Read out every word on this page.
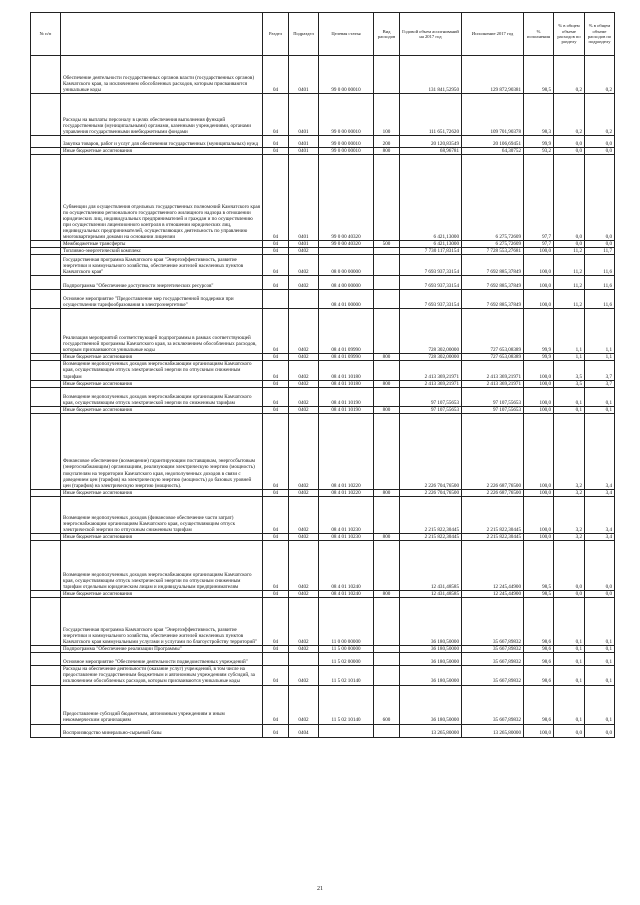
№ п/п		Раздел	Подраздел	Целевая статья	Вид расходов	Годовой объем ассигнований на 2017 год	Исполнение 2017 год	% исполнения	% в общем объеме расходов по разделу	% в общем объеме расходов по подразделу
	Обеспечение деятельности государственных органов власти (государственных органов) Камчатского края, за исключением обособленных расходов, которым присваиваются уникальные коды	04	0401	99 0 00 00010		131 841,52950	129 872,90381	98,5	0,2	0,2
	Расходы на выплаты персоналу в целях обеспечения выполнения функций государственными (муниципальными) органами, казенными учреждениями, органами управления государственными внебюджетными фондами	04	0401	99 0 00 00010	100	111 651,72620	109 701,90378	98,3	0,2	0,2
	Закупка товаров, работ и услуг для обеспечения государственных (муниципальных) нужд	04	0401	99 0 00 00010	200	20 120,83549	20 106,69451	99,9	0,0	0,0
	Иные бюджетные ассигнования	04	0401	99 0 00 00010	800	68,96781	64,30752	93,2	0,0	0,0
	Субвенции для осуществления отдельных государственных полномочий Камчатского края по осуществлению регионального государственного жилищного надзора в отношении юридических лиц, индивидуальных предпринимателей и граждан и по осуществлению при осуществлении лицензионного контроля в отношении юридических лиц, индивидуальных предпринимателей, осуществляющих деятельность по управлению многоквартирными домами на основании лицензии	04	0401	99 0 00 40320		6 421,13000	6 275,72609	97,7	0,0	0,0
	Межбюджетные трансферты	04	0401	99 0 00 40320	500	6 421,13000	6 275,72609	97,7	0,0	0,0
	Топливно-энергетический комплекс	04	0402			7 730 117,83154	7 728 553,27681	100,0	11,2	11,7
	Государственная программа Камчатского края "Энергоэффективность, развитие энергетики и коммунального хозяйства, обеспечение жителей населенных пунктов Камчатского края"	04	0402	08 0 00 00000		7 693 937,33154	7 692 885,37849	100,0	11,2	11,6
	Подпрограмма "Обеспечение доступности энергетических ресурсов"	04	0402	08 4 00 00000		7 693 937,33154	7 692 885,37849	100,0	11,2	11,6
	Основное мероприятие "Предоставление мер государственной поддержки при осуществлении тарифообразования в электроэнергетике"			08 4 01 00000		7 693 937,33154	7 692 885,37849	100,0	11,2	11,6
	Реализация мероприятий соответствующей подпрограммы в рамках соответствующей государственной программы Камчатского края, за исключением обособленных расходов, которым присваиваются уникальные коды	04	0402	08 4 01 09990		728 302,00000	727 653,08389	99,9	1,1	1,1
	Иные бюджетные ассигнования	04	0402	08 4 01 09990	800	728 302,00000	727 653,08389	99,9	1,1	1,1
	Возмещение недополученных доходов энергоснабжающим организациям Камчатского края, осуществляющим отпуск электрической энергии по отпускным сниженным тарифам	04	0402	08 4 01 10180		2 413 369,21971	2 413 369,21971	100,0	3,5	3,7
	Иные бюджетные ассигнования	04	0402	08 4 01 10180	800	2 413 369,21971	2 413 369,21971	100,0	3,5	3,7
	Возмещение недополученных доходов энергоснабжающим организациям Камчатского края, осуществляющим отпуск электрической энергии по сниженным тарифам	04	0402	08 4 01 10190		97 107,55653	97 107,55653	100,0	0,1	0,1
	Иные бюджетные ассигнования	04	0402	08 4 01 10190	800	97 107,55653	97 107,55653	100,0	0,1	0,1
	Финансовое обеспечение (возмещение) гарантирующим поставщикам, энергосбытовым (энергоснабжающим) организациям, реализующим электрическую энергию (мощность) покупателям на территории Камчатского края, недополученных доходов в связи с доведением цен (тарифов) на электрическую энергию (мощность) до базовых уровней цен (тарифов) на электрическую энергию (мощность).	04	0402	08 4 01 10220		2 226 704,76500	2 226 687,76500	100,0	3,2	3,4
	Иные бюджетные ассигнования	04	0402	08 4 01 10220	800	2 226 704,76500	2 226 687,76500	100,0	3,2	3,4
	Возмещение недополученных доходов (финансовое обеспечение части затрат) энергоснабжающим организациям Камчатского края, осуществляющим отпуск электрической энергии по отпускным сниженным тарифам	04	0402	08 4 01 10230		2 215 822,30445	2 215 822,30445	100,0	3,2	3,4
	Иные бюджетные ассигнования	04	0402	08 4 01 10230	800	2 215 822,30445	2 215 822,30445	100,0	3,2	3,4
	Возмещение недополученных доходов энергоснабжающим организациям Камчатского края, осуществляющим отпуск электрической энергии по отпускным сниженным тарифам отдельным юридическим лицам и индивидуальным предпринимателям	04	0402	08 4 01 10240		12 431,48585	12 245,44900	98,5	0,0	0,0
	Иные бюджетные ассигнования	04	0402	08 4 01 10240	800	12 431,48585	12 245,44900	98,5	0,0	0,0
	Государственная программа Камчатского края "Энергоэффективность, развитие энергетики и коммунального хозяйства, обеспечение жителей населенных пунктов Камчатского края коммунальными услугами и услугами по благоустройству территорий"	04	0402	11 0 00 00000		36 180,50000	35 667,89832	98,6	0,1	0,1
	Подпрограмма "Обеспечение реализации Программы"	04	0402	11 5 00 00000		36 180,50000	35 667,89832	98,6	0,1	0,1
	Основное мероприятие "Обеспечение деятельности подведомственных учреждений"			11 5 02 00000		36 180,50000	35 667,89832	98,6	0,1	0,1
	Расходы на обеспечение деятельности (оказание услуг) учреждений, в том числе на предоставление государственным бюджетным и автономным учреждениям субсидий, за исключением обособленных расходов, которым присваиваются уникальные коды	04	0402	11 5 02 10140		36 180,50000	35 667,89832	98,6	0,1	0,1
	Предоставление субсидий бюджетным, автономным учреждениям и иным некоммерческим организациям	04	0402	11 5 02 10140	600	36 180,50000	35 667,89832	98,6	0,1	0,1
	Воспроизводство минерально-сырьевой базы	04	0404			13 265,80000	13 265,80000	100,0	0,0	0,0
21
